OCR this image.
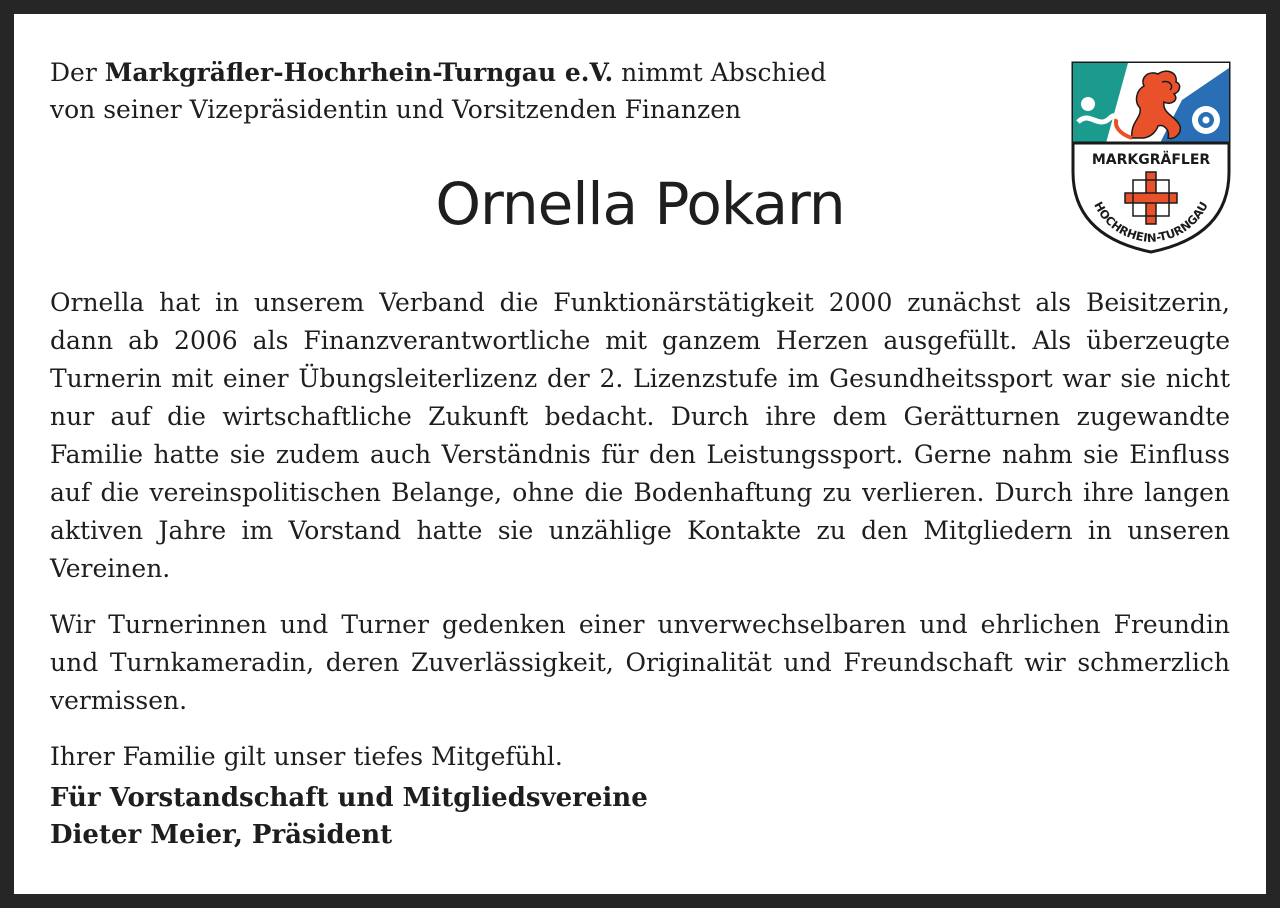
Der Markgräfler-Hochrhein-Turngau e.V. nimmt Abschied
von seiner Vizepräsidentin und Vorsitzenden Finanzen
Ornella Pokarn

Ornella hat in unserem Verband die Funktionärstätigkeit 2000 zunächst als Beisitzerin, dann ab 2006 als Finanzverantwortliche mit ganzem Herzen ausgefüllt. Als überzeugte Turnerin mit einer Übungsleiterlizenz der 2. Lizenzstufe im Gesundheitssport war sie nicht nur auf die wirtschaftliche Zukunft bedacht. Durch ihre dem Gerätturnen zugewandte Familie hatte sie zudem auch Verständnis für den Leistungssport. Gerne nahm sie Einfluss auf die vereinspolitischen Belange, ohne die Bodenhaftung zu verlieren. Durch ihre langen aktiven Jahre im Vorstand hatte sie unzählige Kontakte zu den Mitgliedern in unseren Vereinen.

Wir Turnerinnen und Turner gedenken einer unverwechselbaren und ehrlichen Freundin und Turnkameradin, deren Zuverlässigkeit, Originalität und Freundschaft wir schmerzlich vermissen.

Ihrer Familie gilt unser tiefes Mitgefühl.

Für Vorstandschaft und Mitgliedsvereine
Dieter Meier, Präsident
MARKGRÄFLER
HOCHRHEIN-TURNGAU
